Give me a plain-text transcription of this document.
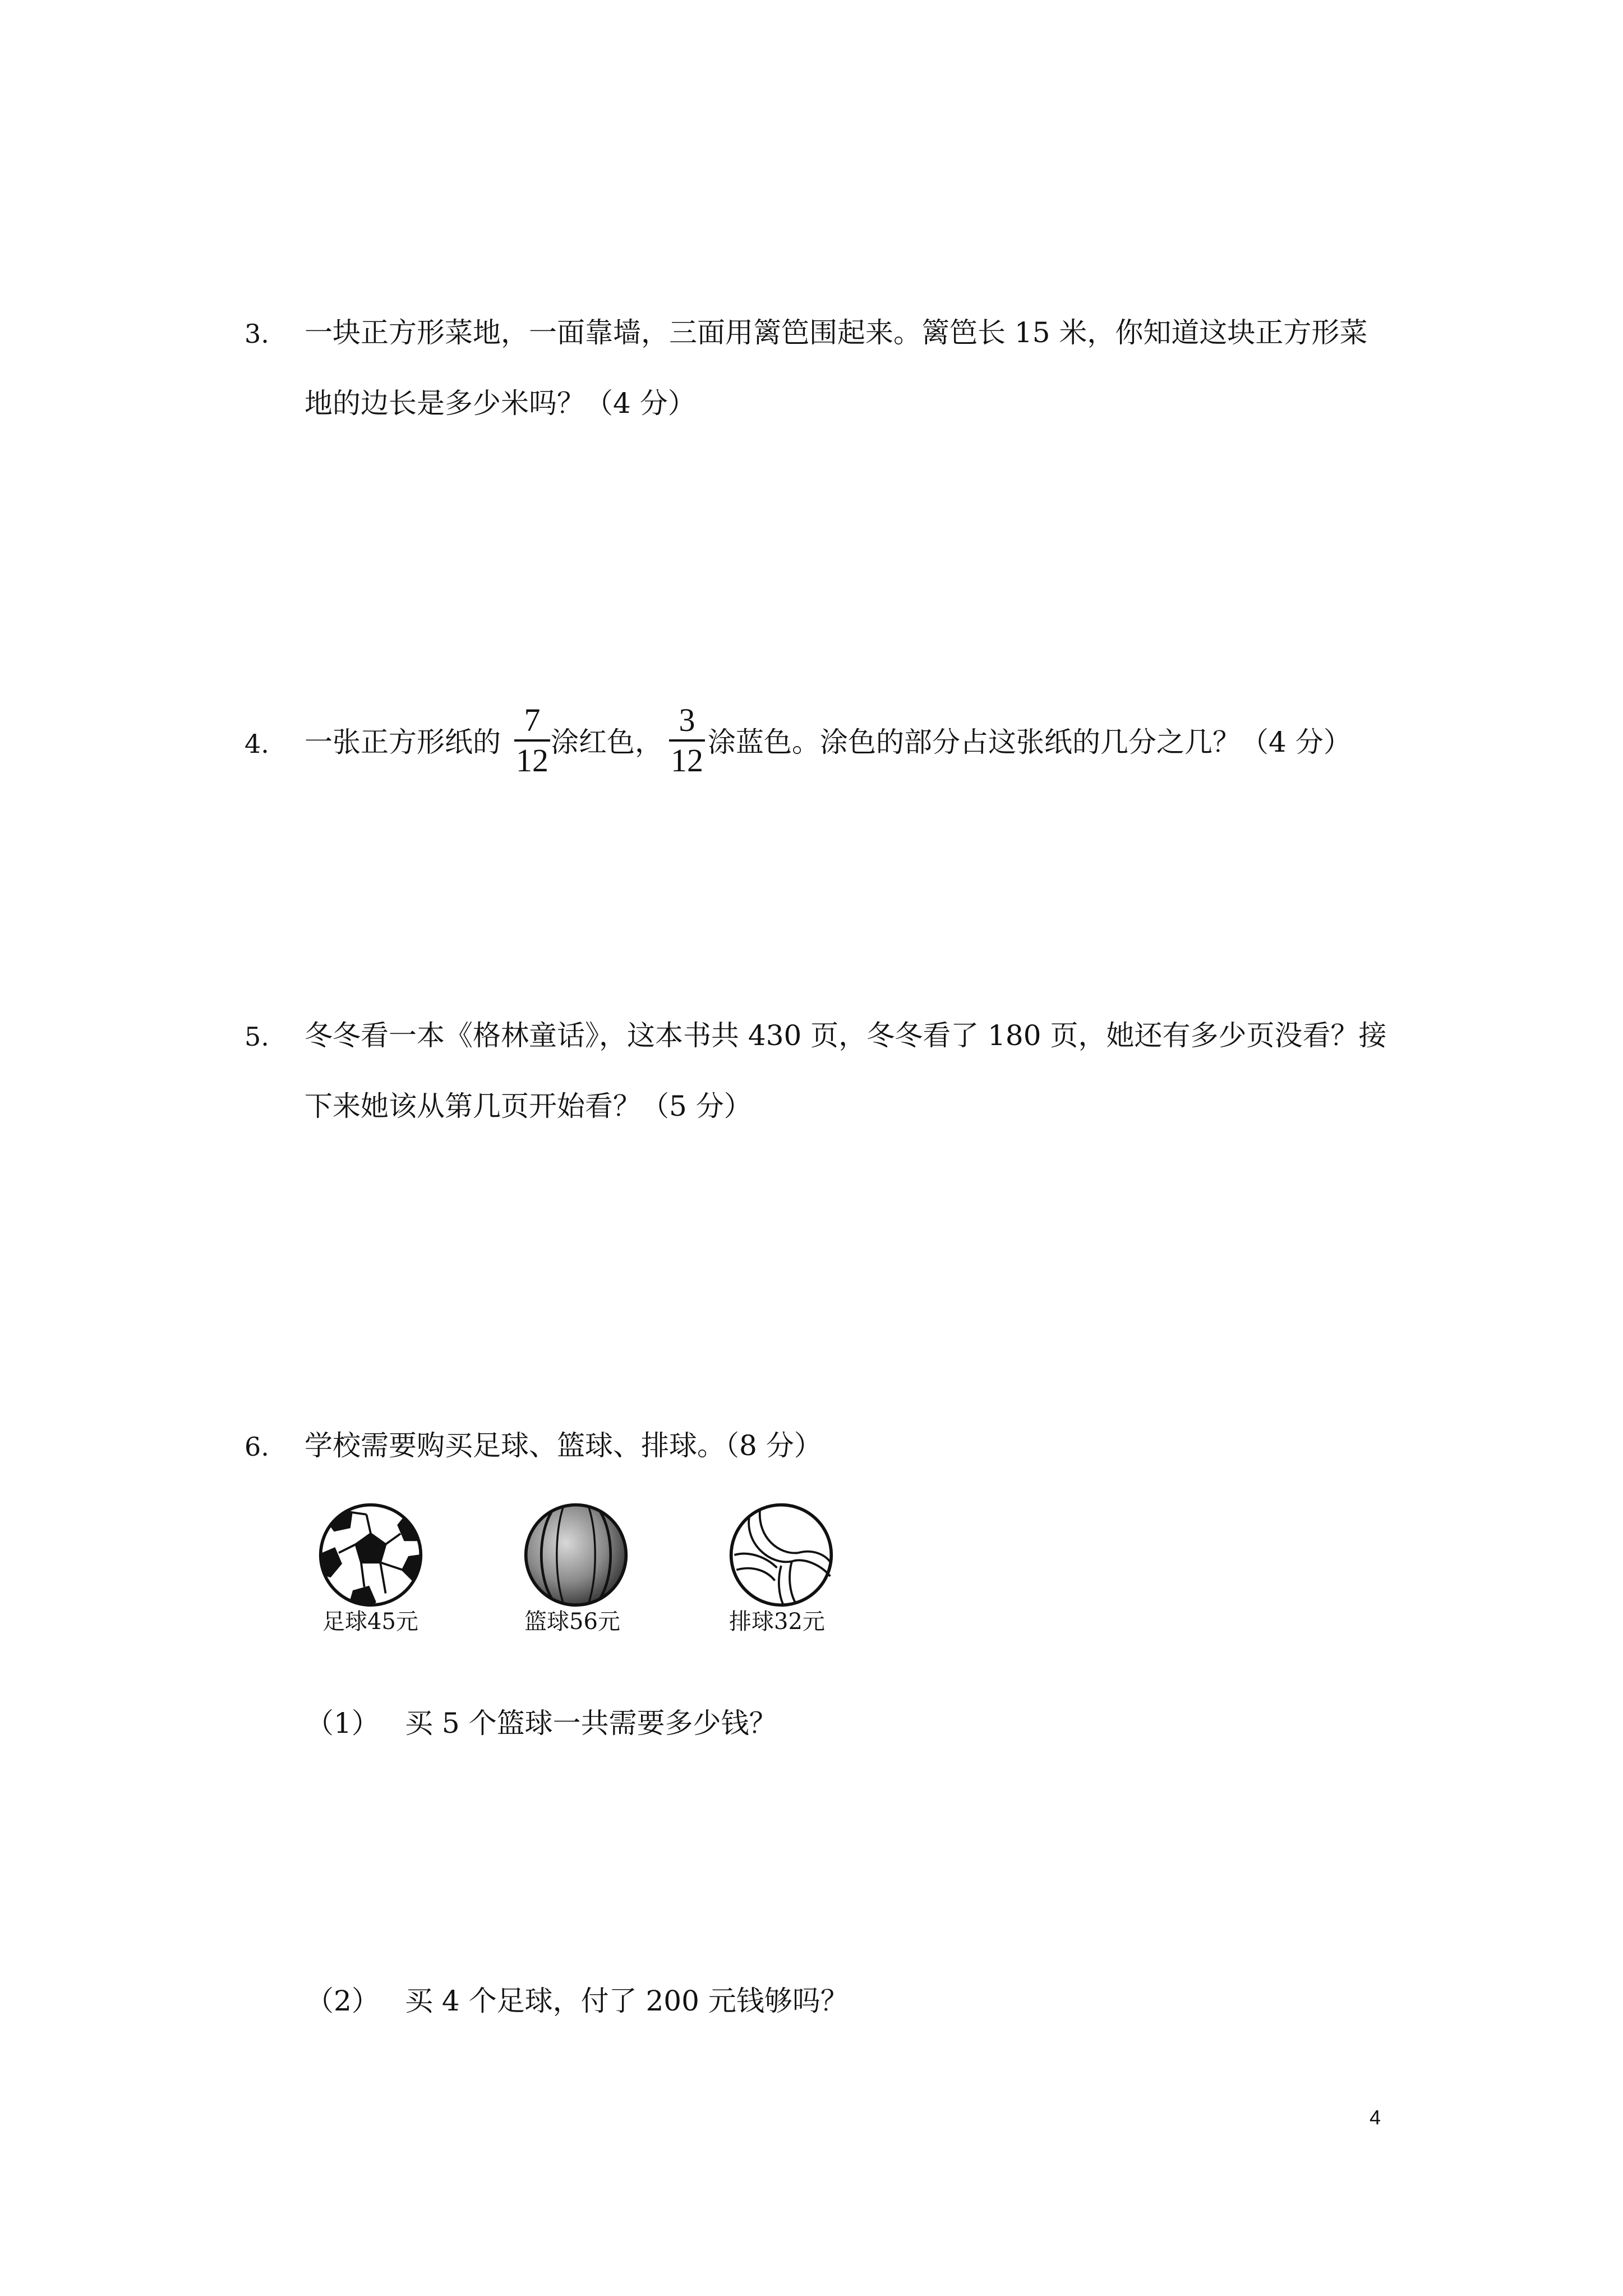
3. 一块正方形菜地，一面靠墙，三面用篱笆围起来。篱笆长 15 米，你知道这块正方形菜
地的边长是多少米吗？（4 分）
4. 一张正方形纸的
7
12 涂红色，
3
12 涂蓝色。涂色的部分占这张纸的几分之几？（4 分）
5. 冬冬看一本《格林童话》，这本书共 430 页，冬冬看了 180 页，她还有多少页没看？接
下来她该从第几页开始看？（5 分）
6. 学校需要购买足球、篮球、排球。（8 分）
足球45元	篮球56元	排球32元
（1） 买 5 个篮球一共需要多少钱？
（2） 买 4 个足球，付了 200 元钱够吗？
4
